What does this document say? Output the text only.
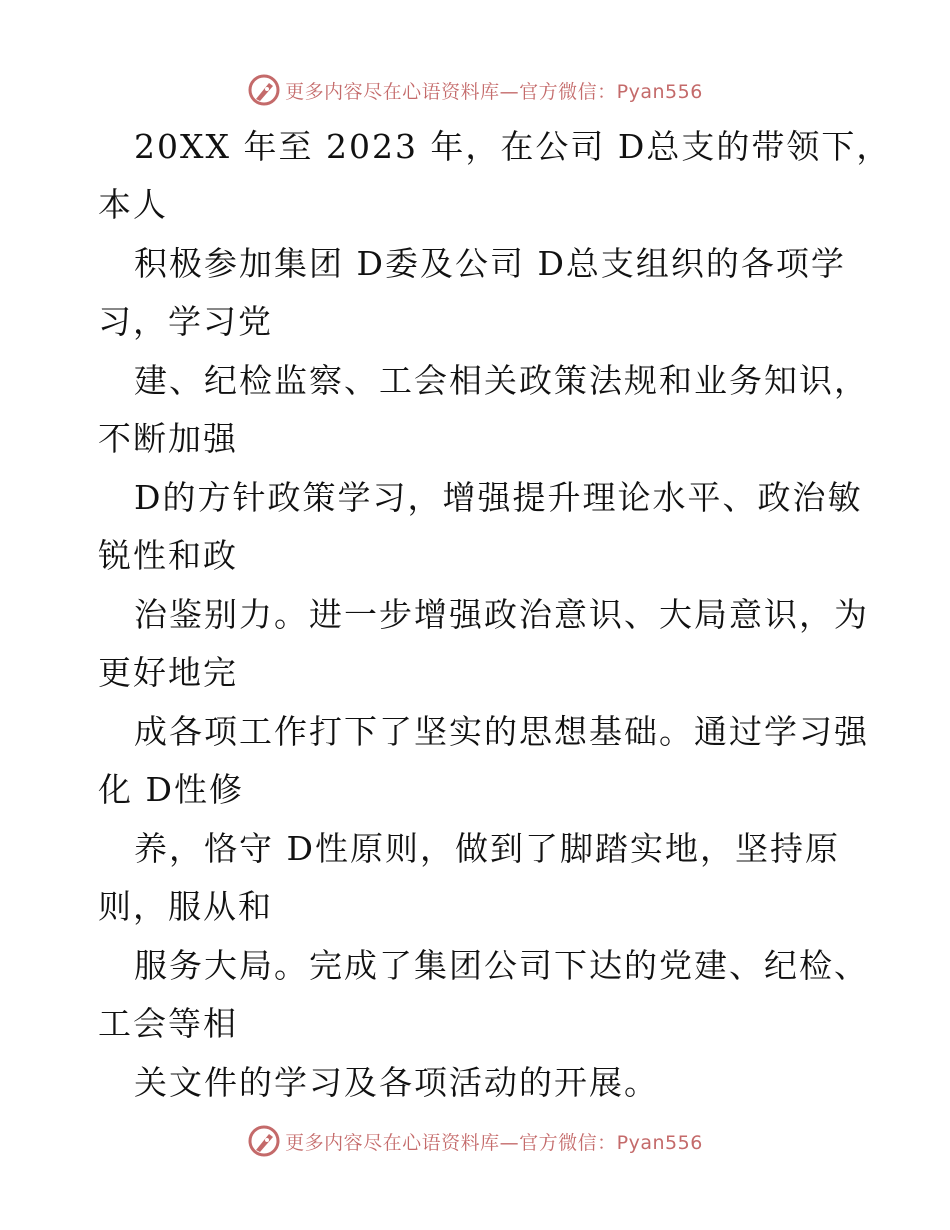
更多内容尽在心语资料库—官方微信：Pyan556
20XX 年至 2023 年，在公司 D总支的带领下，
本人
积极参加集团 D委及公司 D总支组织的各项学
习，学习党
建、纪检监察、工会相关政策法规和业务知识，
不断加强
D的方针政策学习，增强提升理论水平、政治敏
锐性和政
治鉴别力。进一步增强政治意识、大局意识，为
更好地完
成各项工作打下了坚实的思想基础。通过学习强
化 D性修
养，恪守 D性原则，做到了脚踏实地，坚持原
则，服从和
服务大局。完成了集团公司下达的党建、纪检、
工会等相
关文件的学习及各项活动的开展。
更多内容尽在心语资料库—官方微信：Pyan556
